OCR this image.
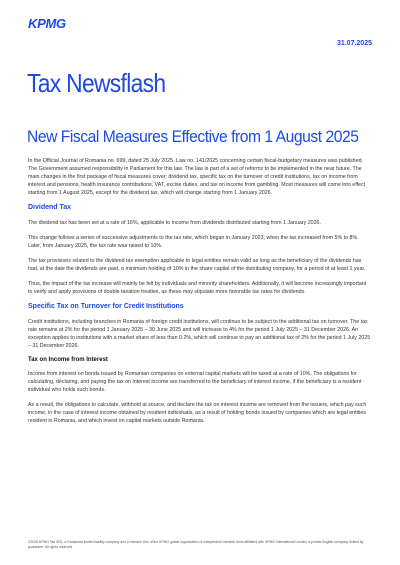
KPMG
31.07.2025
Tax Newsflash
New Fiscal Measures Effective from 1 August 2025

In the Official Journal of Romania no. 699, dated 25 July 2025, Law no. 141/2025 concerning certain fiscal-budgetary measures was published. The Government assumed responsibility in Parliament for this law. The law is part of a set of reforms to be implemented in the near future. The main changes in the first package of fiscal measures cover: dividend tax, specific tax on the turnover of credit institutions, tax on income from interest and pensions, health insurance contributions, VAT, excise duties, and tax on income from gambling. Most measures will come into effect starting from 1 August 2025, except for the dividend tax, which will change starting from 1 January 2026.

Dividend Tax

The dividend tax has been set at a rate of 16%, applicable to income from dividends distributed starting from 1 January 2026.

This change follows a series of successive adjustments to the tax rate, which began in January 2023, when the tax increased from 5% to 8%. Later, from January 2025, the tax rate was raised to 10%.

The tax provisions related to the dividend tax exemption applicable to legal entities remain valid as long as the beneficiary of the dividends has had, at the date the dividends are paid, a minimum holding of 10% in the share capital of the distributing company, for a period of at least 1 year.

Thus, the impact of the tax increase will mainly be felt by individuals and minority shareholders. Additionally, it will become increasingly important to verify and apply provisions of double taxation treaties, as these may stipulate more favorable tax rates for dividends.

Specific Tax on Turnover for Credit Institutions

Credit institutions, including branches in Romania of foreign credit institutions, will continue to be subject to the additional tax on turnover. The tax rate remains at 2% for the period 1 January 2025 – 30 June 2025 and will increase to 4% for the period 1 July 2025 – 31 December 2026. An exception applies to institutions with a market share of less than 0.2%, which will continue to pay an additional tax of 2% for the period 1 July 2025 – 31 December 2026.

Tax on Income from Interest

Income from interest on bonds issued by Romanian companies on external capital markets will be taxed at a rate of 10%. The obligations for calculating, declaring, and paying the tax on interest income are transferred to the beneficiary of interest income, if the beneficiary is a resident individual who holds such bonds.

As a result, the obligations to calculate, withhold at source, and declare the tax on interest income are removed from the issuers, which pay such income, in the case of interest income obtained by resident individuals, as a result of holding bonds issued by companies which are legal entities resident in Romania, and which invest on capital markets outside Romania.

©2025 KPMG Tax SRL, a Romanian limited liability company and a member firm of the KPMG global organization of independent member firms affiliated with KPMG International Limited, a private English company limited by guarantee. All rights reserved.
